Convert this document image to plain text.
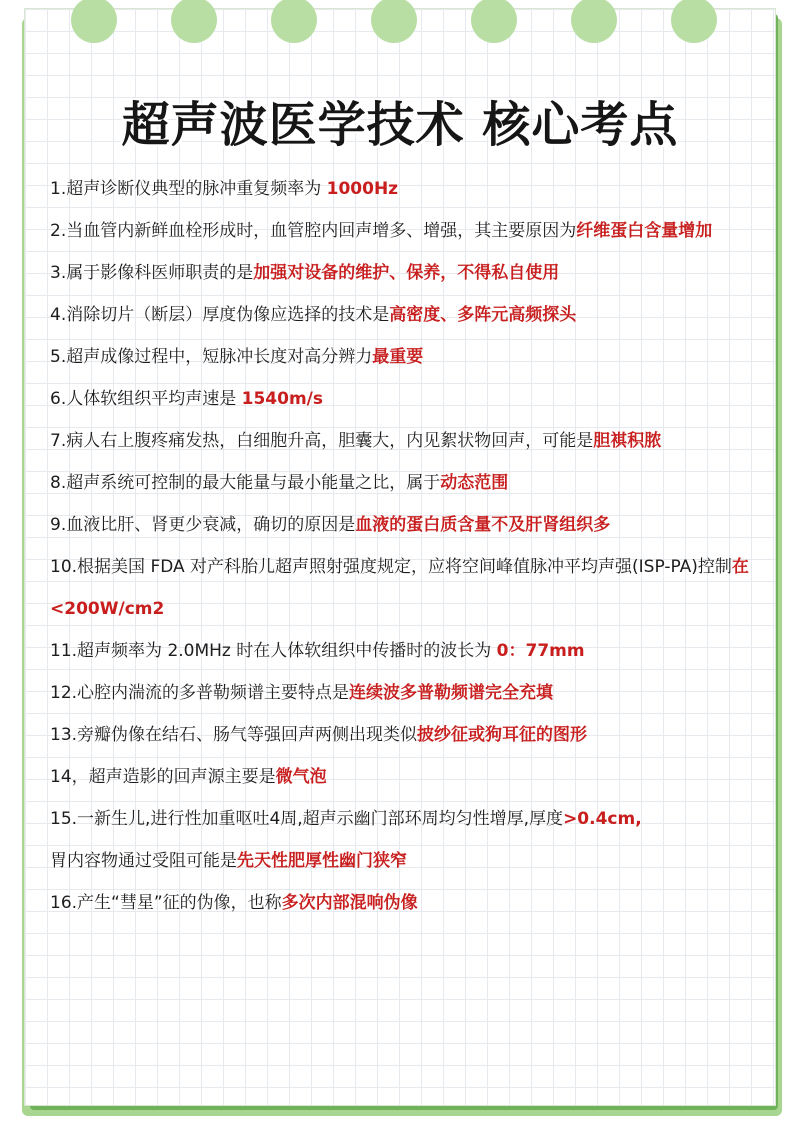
超声波医学技术 核心考点
1.超声诊断仪典型的脉冲重复频率为 1000Hz
2.当血管内新鲜血栓形成时，血管腔内回声增多、增强，其主要原因为纤维蛋白含量增加
3.属于影像科医师职责的是加强对设备的维护、保养，不得私自使用
4.消除切片（断层）厚度伪像应选择的技术是高密度、多阵元高频探头
5.超声成像过程中，短脉冲长度对高分辨力最重要
6.人体软组织平均声速是 1540m/s
7.病人右上腹疼痛发热，白细胞升高，胆囊大，内见絮状物回声，可能是胆褀积脓
8.超声系统可控制的最大能量与最小能量之比，属于动态范围
9.血液比肝、肾更少衰减，确切的原因是血液的蛋白质含量不及肝肾组织多
10.根据美国 FDA 对产科胎儿超声照射强度规定，应将空间峰值脉冲平均声强(ISP-PA)控制在<200W/cm2
11.超声频率为 2.0MHz 时在人体软组织中传播时的波长为 0：77mm
12.心腔内湍流的多普勒频谱主要特点是连续波多普勒频谱完全充填
13.旁瓣伪像在结石、肠气等强回声两侧出现类似披纱征或狗耳征的图形
14，超声造影的回声源主要是微气泡
15.一新生儿,进行性加重呕吐4周,超声示幽门部环周均匀性增厚,厚度>0.4cm,
胃内容物通过受阻可能是先天性肥厚性幽门狭窄
16.产生“彗星”征的伪像，也称多次内部混响伪像
